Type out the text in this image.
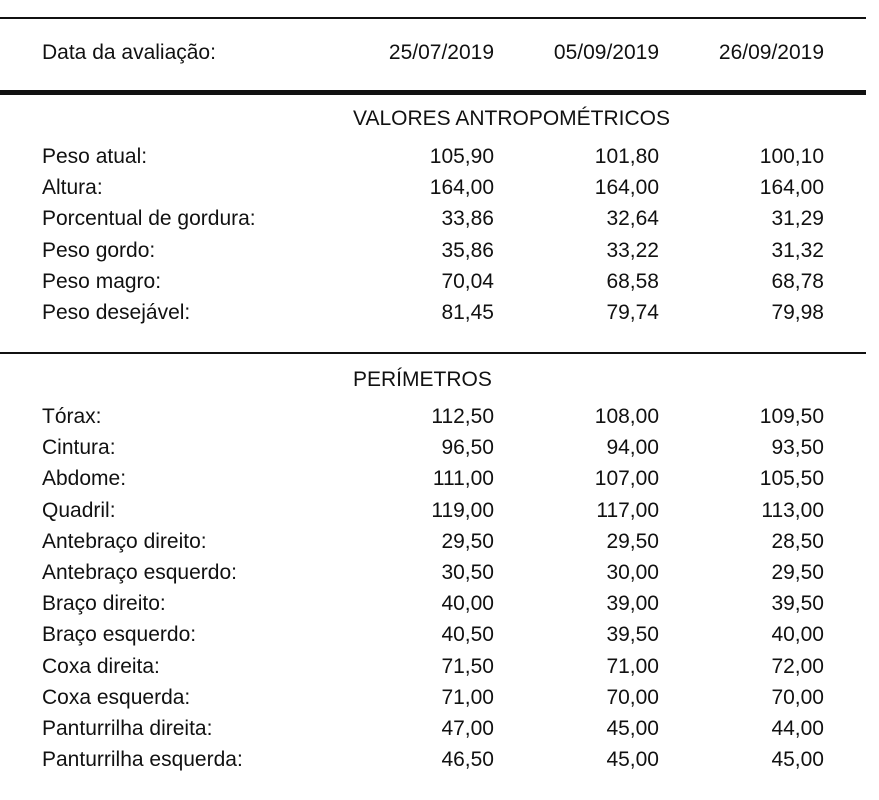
Data da avaliação:	25/07/2019	05/09/2019	26/09/2019
VALORES ANTROPOMÉTRICOS
Peso atual:	105,90	101,80	100,10
Altura:	164,00	164,00	164,00
Porcentual de gordura:	33,86	32,64	31,29
Peso gordo:	35,86	33,22	31,32
Peso magro:	70,04	68,58	68,78
Peso desejável:	81,45	79,74	79,98
PERÍMETROS
Tórax:	112,50	108,00	109,50
Cintura:	96,50	94,00	93,50
Abdome:	111,00	107,00	105,50
Quadril:	119,00	117,00	113,00
Antebraço direito:	29,50	29,50	28,50
Antebraço esquerdo:	30,50	30,00	29,50
Braço direito:	40,00	39,00	39,50
Braço esquerdo:	40,50	39,50	40,00
Coxa direita:	71,50	71,00	72,00
Coxa esquerda:	71,00	70,00	70,00
Panturrilha direita:	47,00	45,00	44,00
Panturrilha esquerda:	46,50	45,00	45,00
